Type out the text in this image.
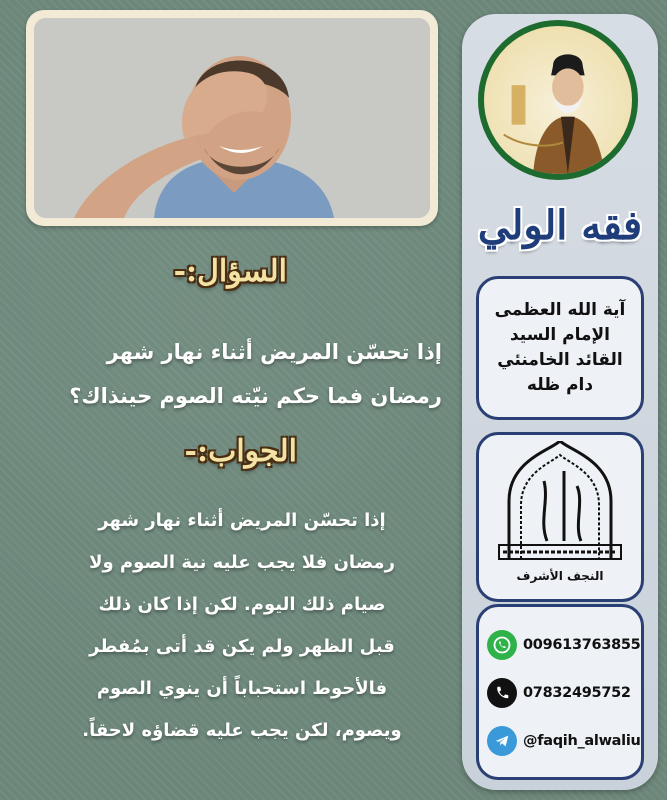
السؤال:-
إذا تحسّن المريض أثناء نهار شهر
رمضان فما حكم نيّته الصوم حينذاك؟
الجواب:-
إذا تحسّن المريض أثناء نهار شهر
رمضان فلا يجب عليه نية الصوم ولا
صيام ذلك اليوم. لكن إذا كان ذلك
قبل الظهر ولم يكن قد أتى بمُفطر
فالأحوط استحباباً أن ينوي الصوم
ويصوم، لكن يجب عليه قضاؤه لاحقاً.
فقه الولي
آية الله العظمى
الإمام السيد
القائد الخامنئي
دام ظله
النجف الأشرف
009613763855
07832495752
@faqih_alwaliu
